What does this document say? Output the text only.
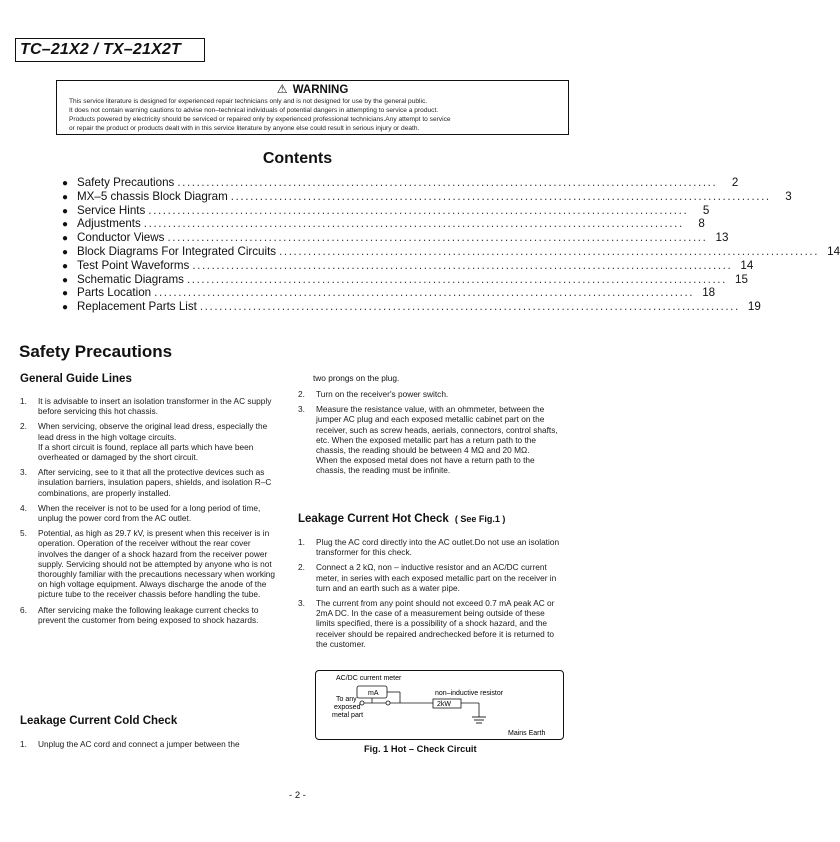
TC–21X2 / TX–21X2T
⚠ WARNING
This service literature is designed for experienced repair technicians only and is not designed for use by the general public.
It does not contain warning cautions to advise non–technical individuals of potential dangers in attempting to service a product.
Products powered by electricity should be serviced or repaired only by experienced professional technicians.Any attempt to service
or repair the product or products dealt with in this service literature by anyone else could result in serious injury or death.
Contents
● Safety Precautions ................................................................................................................	2
● MX–5 chassis Block Diagram ................................................................................................................	3
● Service Hints ................................................................................................................	5
● Adjustments ................................................................................................................	8
● Conductor Views ................................................................................................................ 13
● Block Diagrams For Integrated Circuits ................................................................................................................ 14
● Test Point Waveforms ................................................................................................................ 14
● Schematic Diagrams ................................................................................................................ 15
● Parts Location ................................................................................................................ 18
● Replacement Parts List ................................................................................................................ 19
Safety Precautions
General Guide Lines
1. It is advisable to insert an isolation transformer in the AC supply before servicing this hot chassis.

2. When servicing, observe the original lead dress, especially the lead dress in the high voltage circuits.

If a short circuit is found, replace all parts which have been overheated or damaged by the short circuit.

3. After servicing, see to it that all the protective devices such as insulation barriers, insulation papers, shields, and isolation R–C combinations, are properly installed.

4. When the receiver is not to be used for a long period of time, unplug the power cord from the AC outlet.

5. Potential, as high as 29.7 kV, is present when this receiver is in operation. Operation of the receiver without the rear cover involves the danger of a shock hazard from the receiver power supply. Servicing should not be attempted by anyone who is not thoroughly familiar with the precautions necessary when working on high voltage equipment. Always discharge the anode of the picture tube to the receiver chassis before handling the tube.

6. After servicing make the following leakage current checks to prevent the customer from being exposed to shock hazards.

Leakage Current Cold Check
1. Unplug the AC cord and connect a jumper between the

two prongs on the plug.
2. Turn on the receiver's power switch.

3. Measure the resistance value, with an ohmmeter, between the jumper AC plug and each exposed metallic cabinet part on the receiver, such as screw heads, aerials, connectors, control shafts, etc. When the exposed metallic part has a return path to the chassis, the reading should be between 4 MΩ and 20 MΩ.

When the exposed metal does not have a return path to the chassis, the reading must be infinite.

Leakage Current Hot Check ( See Fig.1 )
1. Plug the AC cord directly into the AC outlet.Do not use an isolation transformer for this check.

2. Connect a 2 kΩ, non – inductive resistor and an AC/DC current meter, in series with each exposed metallic part on the receiver in turn and an earth such as a water pipe.

3. The current from any point should not exceed 0.7 mA peak AC or 2mA DC. In the case of a measurement being outside of these limits specified, there is a possibility of a shock hazard, and the receiver should be repaired andrechecked before it is returned to the customer.

AC/DC current meter
mA	non–inductive resistor
2kW
To any
exposed
metal part
Mains Earth
Fig. 1 Hot – Check Circuit
- 2 -
